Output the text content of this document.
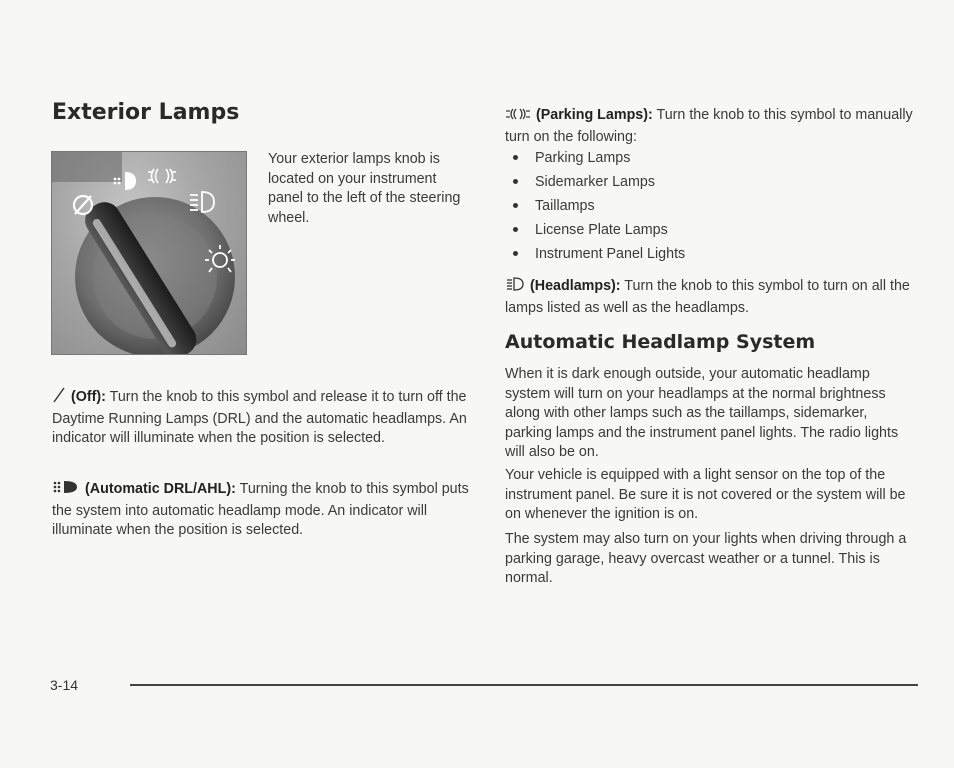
Exterior Lamps

Your exterior lamps knob is located on your instrument panel to the left of the steering wheel.

(Off): Turn the knob to this symbol and release it to turn off the Daytime Running Lamps (DRL) and the automatic headlamps. An indicator will illuminate when the position is selected.

(Automatic DRL/AHL): Turning the knob to this symbol puts the system into automatic headlamp mode. An indicator will illuminate when the position is selected.

(Parking Lamps): Turn the knob to this symbol to manually turn on the following:

Parking Lamps
Sidemarker Lamps
Taillamps
License Plate Lamps
Instrument Panel Lights

(Headlamps): Turn the knob to this symbol to turn on all the lamps listed as well as the headlamps.

Automatic Headlamp System

When it is dark enough outside, your automatic headlamp system will turn on your headlamps at the normal brightness along with other lamps such as the taillamps, sidemarker, parking lamps and the instrument panel lights. The radio lights will also be on.

Your vehicle is equipped with a light sensor on the top of the instrument panel. Be sure it is not covered or the system will be on whenever the ignition is on.

The system may also turn on your lights when driving through a parking garage, heavy overcast weather or a tunnel. This is normal.

3-14
